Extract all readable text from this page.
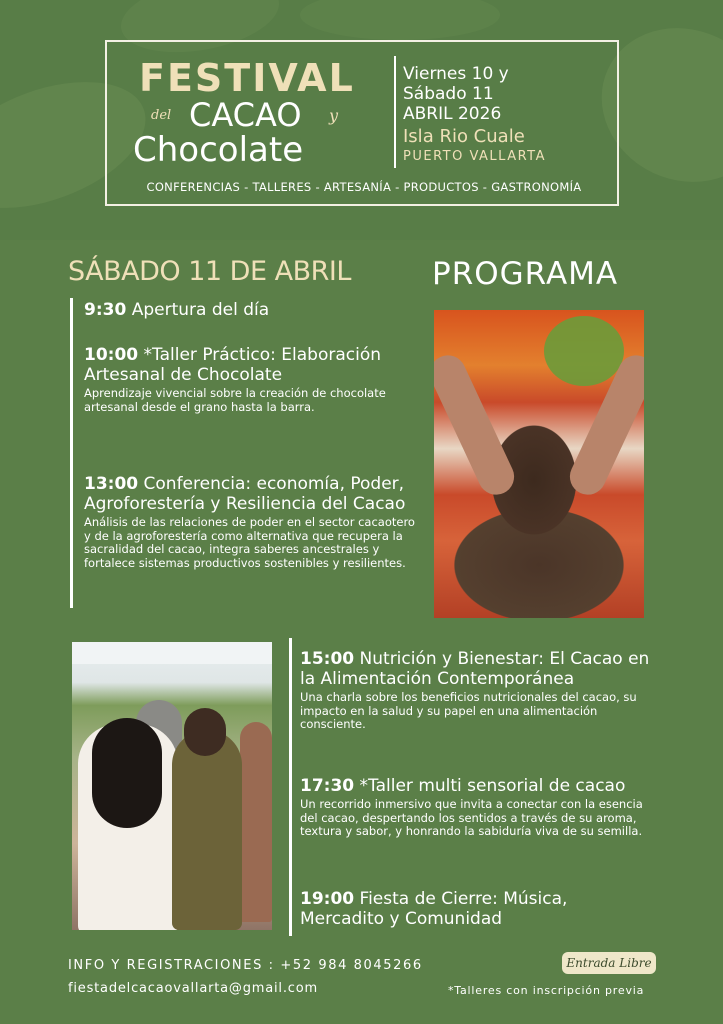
FESTIVAL
del CACAO y
Chocolate
Viernes 10 y
Sábado 11
ABRIL 2026
Isla Rio Cuale
PUERTO VALLARTA
CONFERENCIAS - TALLERES - ARTESANÍA - PRODUCTOS - GASTRONOMÍA
SÁBADO 11 DE ABRIL	PROGRAMA
9:30 Apertura del día
10:00 *Taller Práctico: Elaboración Artesanal de Chocolate
Aprendizaje vivencial sobre la creación de chocolate artesanal desde el grano hasta la barra.
13:00 Conferencia: economía, Poder, Agroforestería y Resiliencia del Cacao
Análisis de las relaciones de poder en el sector cacaotero y de la agroforestería como alternativa que recupera la sacralidad del cacao, integra saberes ancestrales y fortalece sistemas productivos sostenibles y resilientes.
15:00 Nutrición y Bienestar: El Cacao en la Alimentación Contemporánea
Una charla sobre los beneficios nutricionales del cacao, su impacto en la salud y su papel en una alimentación consciente.
17:30 *Taller multi sensorial de cacao
Un recorrido inmersivo que invita a conectar con la esencia del cacao, despertando los sentidos a través de su aroma, textura y sabor, y honrando la sabiduría viva de su semilla.
19:00 Fiesta de Cierre: Música, Mercadito y Comunidad
INFO Y REGISTRACIONES : +52 984 8045266
fiestadelcacaovallarta@gmail.com
Entrada Libre
*Talleres con inscripción previa
